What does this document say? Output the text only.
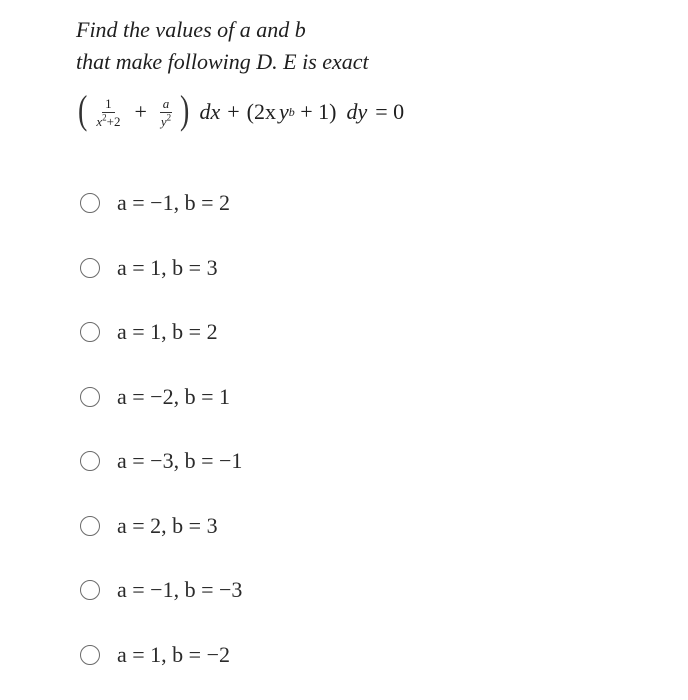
Find the values of a and b
that make following D. E is exact
( $\frac{1}{x^2+2} + \frac{a}{y^2}$ ) dx + (2x y b + 1) dy = 0
a = −1, b = 2
a = 1, b = 3
a = 1, b = 2
a = −2, b = 1
a = −3, b = −1
a = 2, b = 3
a = −1, b = −3
a = 1, b = −2
